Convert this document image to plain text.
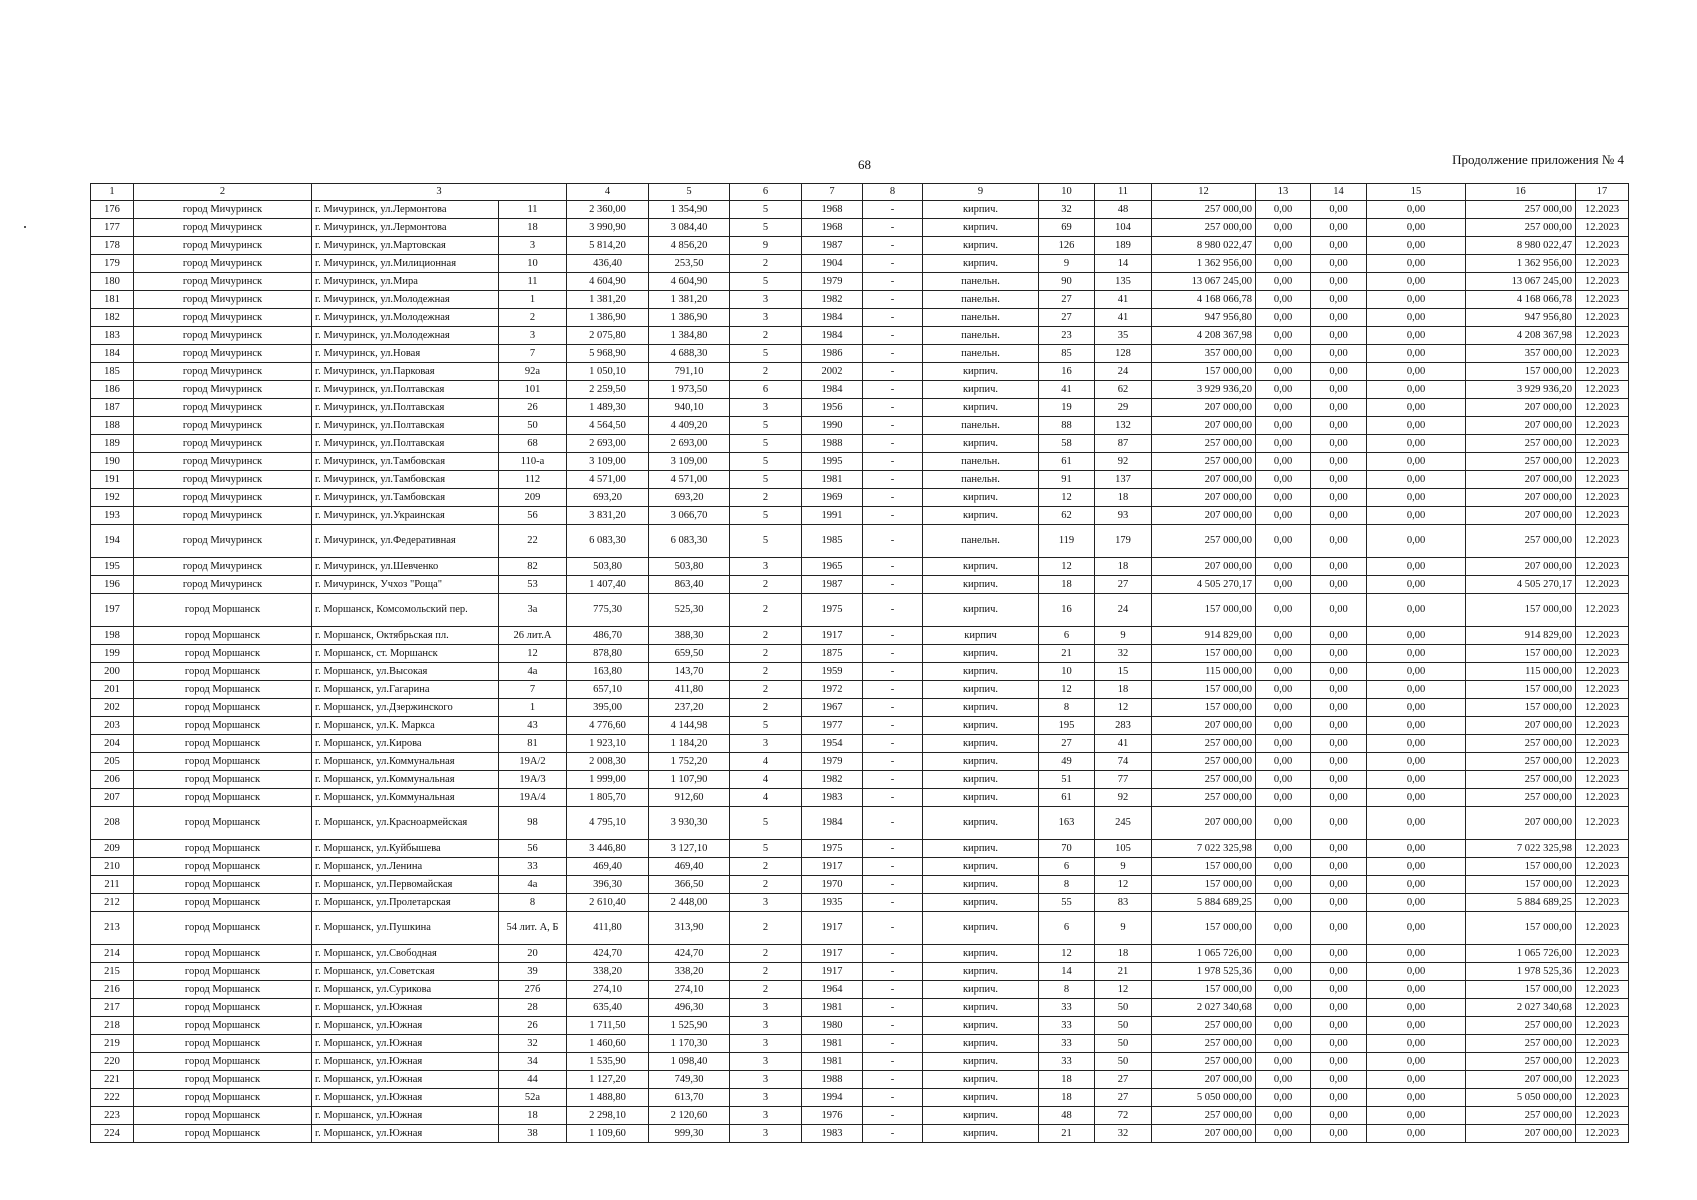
68	Продолжение приложения № 4
1	2	3		4	5	6	7	8	9	10	11	12	13	14	15	16	17
176	город Мичуринск	г. Мичуринск, ул.Лермонтова	11	2 360,00	1 354,90	5	1968	-	кирпич.	32	48	257 000,00	0,00	0,00	0,00	257 000,00	12.2023
177	город Мичуринск	г. Мичуринск, ул.Лермонтова	18	3 990,90	3 084,40	5	1968	-	кирпич.	69	104	257 000,00	0,00	0,00	0,00	257 000,00	12.2023
178	город Мичуринск	г. Мичуринск, ул.Мартовская	3	5 814,20	4 856,20	9	1987	-	кирпич.	126	189	8 980 022,47	0,00	0,00	0,00	8 980 022,47	12.2023
179	город Мичуринск	г. Мичуринск, ул.Милиционная	10	436,40	253,50	2	1904	-	кирпич.	9	14	1 362 956,00	0,00	0,00	0,00	1 362 956,00	12.2023
180	город Мичуринск	г. Мичуринск, ул.Мира	11	4 604,90	4 604,90	5	1979	-	панельн.	90	135	13 067 245,00	0,00	0,00	0,00	13 067 245,00	12.2023
181	город Мичуринск	г. Мичуринск, ул.Молодежная	1	1 381,20	1 381,20	3	1982	-	панельн.	27	41	4 168 066,78	0,00	0,00	0,00	4 168 066,78	12.2023
182	город Мичуринск	г. Мичуринск, ул.Молодежная	2	1 386,90	1 386,90	3	1984	-	панельн.	27	41	947 956,80	0,00	0,00	0,00	947 956,80	12.2023
183	город Мичуринск	г. Мичуринск, ул.Молодежная	3	2 075,80	1 384,80	2	1984	-	панельн.	23	35	4 208 367,98	0,00	0,00	0,00	4 208 367,98	12.2023
184	город Мичуринск	г. Мичуринск, ул.Новая	7	5 968,90	4 688,30	5	1986	-	панельн.	85	128	357 000,00	0,00	0,00	0,00	357 000,00	12.2023
185	город Мичуринск	г. Мичуринск, ул.Парковая	92а	1 050,10	791,10	2	2002	-	кирпич.	16	24	157 000,00	0,00	0,00	0,00	157 000,00	12.2023
186	город Мичуринск	г. Мичуринск, ул.Полтавская	101	2 259,50	1 973,50	6	1984	-	кирпич.	41	62	3 929 936,20	0,00	0,00	0,00	3 929 936,20	12.2023
187	город Мичуринск	г. Мичуринск, ул.Полтавская	26	1 489,30	940,10	3	1956	-	кирпич.	19	29	207 000,00	0,00	0,00	0,00	207 000,00	12.2023
188	город Мичуринск	г. Мичуринск, ул.Полтавская	50	4 564,50	4 409,20	5	1990	-	панельн.	88	132	207 000,00	0,00	0,00	0,00	207 000,00	12.2023
189	город Мичуринск	г. Мичуринск, ул.Полтавская	68	2 693,00	2 693,00	5	1988	-	кирпич.	58	87	257 000,00	0,00	0,00	0,00	257 000,00	12.2023
190	город Мичуринск	г. Мичуринск, ул.Тамбовская	110-а	3 109,00	3 109,00	5	1995	-	панельн.	61	92	257 000,00	0,00	0,00	0,00	257 000,00	12.2023
191	город Мичуринск	г. Мичуринск, ул.Тамбовская	112	4 571,00	4 571,00	5	1981	-	панельн.	91	137	207 000,00	0,00	0,00	0,00	207 000,00	12.2023
192	город Мичуринск	г. Мичуринск, ул.Тамбовская	209	693,20	693,20	2	1969	-	кирпич.	12	18	207 000,00	0,00	0,00	0,00	207 000,00	12.2023
193	город Мичуринск	г. Мичуринск, ул.Украинская	56	3 831,20	3 066,70	5	1991	-	кирпич.	62	93	207 000,00	0,00	0,00	0,00	207 000,00	12.2023
194	город Мичуринск	г. Мичуринск, ул.Федеративная	22	6 083,30	6 083,30	5	1985	-	панельн.	119	179	257 000,00	0,00	0,00	0,00	257 000,00	12.2023
195	город Мичуринск	г. Мичуринск, ул.Шевченко	82	503,80	503,80	3	1965	-	кирпич.	12	18	207 000,00	0,00	0,00	0,00	207 000,00	12.2023
196	город Мичуринск	г. Мичуринск, Учхоз "Роща"	53	1 407,40	863,40	2	1987	-	кирпич.	18	27	4 505 270,17	0,00	0,00	0,00	4 505 270,17	12.2023
197	город Моршанск	г. Моршанск, Комсомольский пер.	3а	775,30	525,30	2	1975	-	кирпич.	16	24	157 000,00	0,00	0,00	0,00	157 000,00	12.2023
198	город Моршанск	г. Моршанск, Октябрьская пл.	26 лит.А	486,70	388,30	2	1917	-	кирпич	6	9	914 829,00	0,00	0,00	0,00	914 829,00	12.2023
199	город Моршанск	г. Моршанск, ст. Моршанск	12	878,80	659,50	2	1875	-	кирпич.	21	32	157 000,00	0,00	0,00	0,00	157 000,00	12.2023
200	город Моршанск	г. Моршанск, ул.Высокая	4а	163,80	143,70	2	1959	-	кирпич.	10	15	115 000,00	0,00	0,00	0,00	115 000,00	12.2023
201	город Моршанск	г. Моршанск, ул.Гагарина	7	657,10	411,80	2	1972	-	кирпич.	12	18	157 000,00	0,00	0,00	0,00	157 000,00	12.2023
202	город Моршанск	г. Моршанск, ул.Дзержинского	1	395,00	237,20	2	1967	-	кирпич.	8	12	157 000,00	0,00	0,00	0,00	157 000,00	12.2023
203	город Моршанск	г. Моршанск, ул.К. Маркса	43	4 776,60	4 144,98	5	1977	-	кирпич.	195	283	207 000,00	0,00	0,00	0,00	207 000,00	12.2023
204	город Моршанск	г. Моршанск, ул.Кирова	81	1 923,10	1 184,20	3	1954	-	кирпич.	27	41	257 000,00	0,00	0,00	0,00	257 000,00	12.2023
205	город Моршанск	г. Моршанск, ул.Коммунальная	19А/2	2 008,30	1 752,20	4	1979	-	кирпич.	49	74	257 000,00	0,00	0,00	0,00	257 000,00	12.2023
206	город Моршанск	г. Моршанск, ул.Коммунальная	19А/3	1 999,00	1 107,90	4	1982	-	кирпич.	51	77	257 000,00	0,00	0,00	0,00	257 000,00	12.2023
207	город Моршанск	г. Моршанск, ул.Коммунальная	19А/4	1 805,70	912,60	4	1983	-	кирпич.	61	92	257 000,00	0,00	0,00	0,00	257 000,00	12.2023
208	город Моршанск	г. Моршанск, ул.Красноармейская	98	4 795,10	3 930,30	5	1984	-	кирпич.	163	245	207 000,00	0,00	0,00	0,00	207 000,00	12.2023
209	город Моршанск	г. Моршанск, ул.Куйбышева	56	3 446,80	3 127,10	5	1975	-	кирпич.	70	105	7 022 325,98	0,00	0,00	0,00	7 022 325,98	12.2023
210	город Моршанск	г. Моршанск, ул.Ленина	33	469,40	469,40	2	1917	-	кирпич.	6	9	157 000,00	0,00	0,00	0,00	157 000,00	12.2023
211	город Моршанск	г. Моршанск, ул.Первомайская	4а	396,30	366,50	2	1970	-	кирпич.	8	12	157 000,00	0,00	0,00	0,00	157 000,00	12.2023
212	город Моршанск	г. Моршанск, ул.Пролетарская	8	2 610,40	2 448,00	3	1935	-	кирпич.	55	83	5 884 689,25	0,00	0,00	0,00	5 884 689,25	12.2023
213	город Моршанск	г. Моршанск, ул.Пушкина	54 лит. А, Б	411,80	313,90	2	1917	-	кирпич.	6	9	157 000,00	0,00	0,00	0,00	157 000,00	12.2023
214	город Моршанск	г. Моршанск, ул.Свободная	20	424,70	424,70	2	1917	-	кирпич.	12	18	1 065 726,00	0,00	0,00	0,00	1 065 726,00	12.2023
215	город Моршанск	г. Моршанск, ул.Советская	39	338,20	338,20	2	1917	-	кирпич.	14	21	1 978 525,36	0,00	0,00	0,00	1 978 525,36	12.2023
216	город Моршанск	г. Моршанск, ул.Сурикова	27б	274,10	274,10	2	1964	-	кирпич.	8	12	157 000,00	0,00	0,00	0,00	157 000,00	12.2023
217	город Моршанск	г. Моршанск, ул.Южная	28	635,40	496,30	3	1981	-	кирпич.	33	50	2 027 340,68	0,00	0,00	0,00	2 027 340,68	12.2023
218	город Моршанск	г. Моршанск, ул.Южная	26	1 711,50	1 525,90	3	1980	-	кирпич.	33	50	257 000,00	0,00	0,00	0,00	257 000,00	12.2023
219	город Моршанск	г. Моршанск, ул.Южная	32	1 460,60	1 170,30	3	1981	-	кирпич.	33	50	257 000,00	0,00	0,00	0,00	257 000,00	12.2023
220	город Моршанск	г. Моршанск, ул.Южная	34	1 535,90	1 098,40	3	1981	-	кирпич.	33	50	257 000,00	0,00	0,00	0,00	257 000,00	12.2023
221	город Моршанск	г. Моршанск, ул.Южная	44	1 127,20	749,30	3	1988	-	кирпич.	18	27	207 000,00	0,00	0,00	0,00	207 000,00	12.2023
222	город Моршанск	г. Моршанск, ул.Южная	52а	1 488,80	613,70	3	1994	-	кирпич.	18	27	5 050 000,00	0,00	0,00	0,00	5 050 000,00	12.2023
223	город Моршанск	г. Моршанск, ул.Южная	18	2 298,10	2 120,60	3	1976	-	кирпич.	48	72	257 000,00	0,00	0,00	0,00	257 000,00	12.2023
224	город Моршанск	г. Моршанск, ул.Южная	38	1 109,60	999,30	3	1983	-	кирпич.	21	32	207 000,00	0,00	0,00	0,00	207 000,00	12.2023
